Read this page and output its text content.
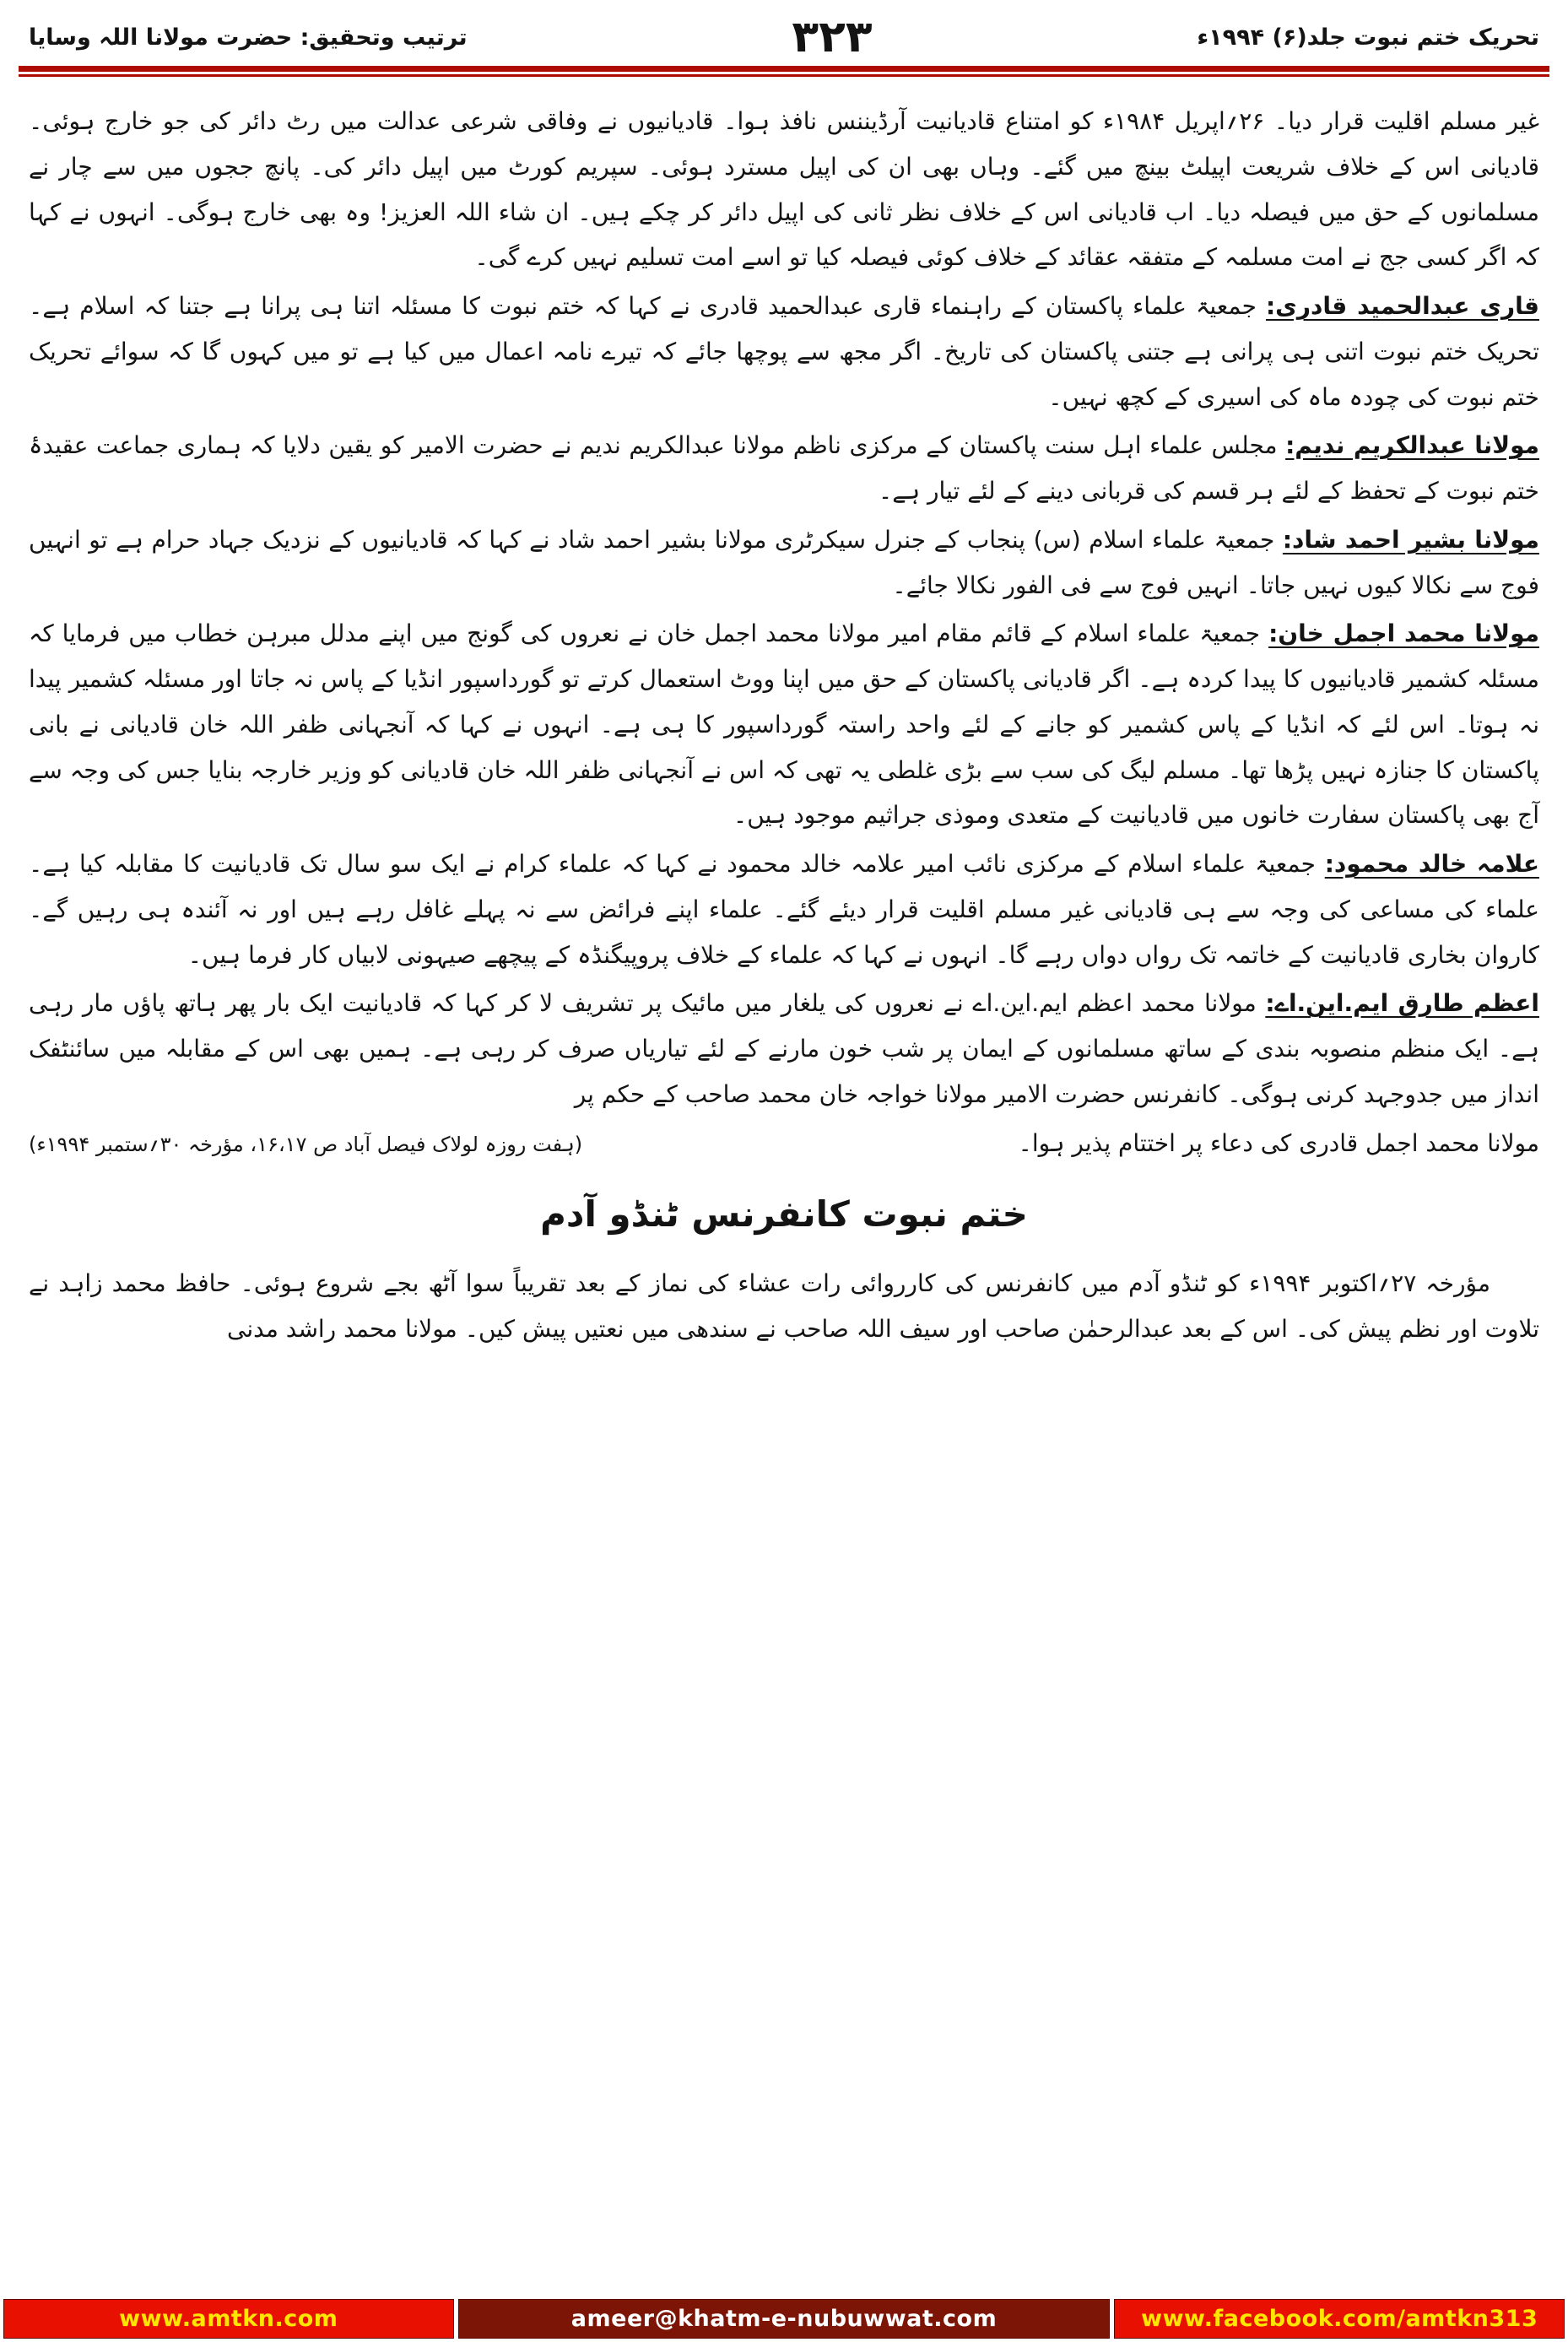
تحریک ختم نبوت جلد(۶) ۱۹۹۴ء
۳۲۳
ترتیب وتحقیق: حضرت مولانا اللہ وسایا

غیر مسلم اقلیت قرار دیا۔ ۲۶؍اپریل ۱۹۸۴ء کو امتناع قادیانیت آرڈیننس نافذ ہوا۔ قادیانیوں نے وفاقی شرعی عدالت میں رٹ دائر کی جو خارج ہوئی۔ قادیانی اس کے خلاف شریعت اپیلٹ بینچ میں گئے۔ وہاں بھی ان کی اپیل مسترد ہوئی۔ سپریم کورٹ میں اپیل دائر کی۔ پانچ ججوں میں سے چار نے مسلمانوں کے حق میں فیصلہ دیا۔ اب قادیانی اس کے خلاف نظر ثانی کی اپیل دائر کر چکے ہیں۔ ان شاء اللہ العزیز! وہ بھی خارج ہوگی۔ انہوں نے کہا کہ اگر کسی جج نے امت مسلمہ کے متفقہ عقائد کے خلاف کوئی فیصلہ کیا تو اسے امت تسلیم نہیں کرے گی۔

قاری عبدالحمید قادری: جمعیۃ علماء پاکستان کے راہنماء قاری عبدالحمید قادری نے کہا کہ ختم نبوت کا مسئلہ اتنا ہی پرانا ہے جتنا کہ اسلام ہے۔ تحریک ختم نبوت اتنی ہی پرانی ہے جتنی پاکستان کی تاریخ۔ اگر مجھ سے پوچھا جائے کہ تیرے نامہ اعمال میں کیا ہے تو میں کہوں گا کہ سوائے تحریک ختم نبوت کی چودہ ماہ کی اسیری کے کچھ نہیں۔

مولانا عبدالکریم ندیم: مجلس علماء اہل سنت پاکستان کے مرکزی ناظم مولانا عبدالکریم ندیم نے حضرت الامیر کو یقین دلایا کہ ہماری جماعت عقیدۂ ختم نبوت کے تحفظ کے لئے ہر قسم کی قربانی دینے کے لئے تیار ہے۔

مولانا بشیر احمد شاد: جمعیۃ علماء اسلام (س) پنجاب کے جنرل سیکرٹری مولانا بشیر احمد شاد نے کہا کہ قادیانیوں کے نزدیک جہاد حرام ہے تو انہیں فوج سے نکالا کیوں نہیں جاتا۔ انہیں فوج سے فی الفور نکالا جائے۔

مولانا محمد اجمل خان: جمعیۃ علماء اسلام کے قائم مقام امیر مولانا محمد اجمل خان نے نعروں کی گونج میں اپنے مدلل مبرہن خطاب میں فرمایا کہ مسئلہ کشمیر قادیانیوں کا پیدا کردہ ہے۔ اگر قادیانی پاکستان کے حق میں اپنا ووٹ استعمال کرتے تو گورداسپور انڈیا کے پاس نہ جاتا اور مسئلہ کشمیر پیدا نہ ہوتا۔ اس لئے کہ انڈیا کے پاس کشمیر کو جانے کے لئے واحد راستہ گورداسپور کا ہی ہے۔ انہوں نے کہا کہ آنجہانی ظفر اللہ خان قادیانی نے بانی پاکستان کا جنازہ نہیں پڑھا تھا۔ مسلم لیگ کی سب سے بڑی غلطی یہ تھی کہ اس نے آنجہانی ظفر اللہ خان قادیانی کو وزیر خارجہ بنایا جس کی وجہ سے آج بھی پاکستان سفارت خانوں میں قادیانیت کے متعدی وموذی جراثیم موجود ہیں۔

علامہ خالد محمود: جمعیۃ علماء اسلام کے مرکزی نائب امیر علامہ خالد محمود نے کہا کہ علماء کرام نے ایک سو سال تک قادیانیت کا مقابلہ کیا ہے۔ علماء کی مساعی کی وجہ سے ہی قادیانی غیر مسلم اقلیت قرار دیئے گئے۔ علماء اپنے فرائض سے نہ پہلے غافل رہے ہیں اور نہ آئندہ ہی رہیں گے۔ کاروان بخاری قادیانیت کے خاتمہ تک رواں دواں رہے گا۔ انہوں نے کہا کہ علماء کے خلاف پروپیگنڈہ کے پیچھے صیہونی لابیاں کار فرما ہیں۔

اعظم طارق ایم.این.اے: مولانا محمد اعظم ایم.این.اے نے نعروں کی یلغار میں مائیک پر تشریف لا کر کہا کہ قادیانیت ایک بار پھر ہاتھ پاؤں مار رہی ہے۔ ایک منظم منصوبہ بندی کے ساتھ مسلمانوں کے ایمان پر شب خون مارنے کے لئے تیاریاں صرف کر رہی ہے۔ ہمیں بھی اس کے مقابلہ میں سائنٹفک انداز میں جدوجہد کرنی ہوگی۔ کانفرنس حضرت الامیر مولانا خواجہ خان محمد صاحب کے حکم پر

مولانا محمد اجمل قادری کی دعاء پر اختتام پذیر ہوا۔
(ہفت روزہ لولاک فیصل آباد ص ۱۶،۱۷، مؤرخہ ۳۰؍ستمبر ۱۹۹۴ء)
ختم نبوت کانفرنس ٹنڈو آدم

مؤرخہ ۲۷؍اکتوبر ۱۹۹۴ء کو ٹنڈو آدم میں کانفرنس کی کارروائی رات عشاء کی نماز کے بعد تقریباً سوا آٹھ بجے شروع ہوئی۔ حافظ محمد زاہد نے تلاوت اور نظم پیش کی۔ اس کے بعد عبدالرحمٰن صاحب اور سیف اللہ صاحب نے سندھی میں نعتیں پیش کیں۔ مولانا محمد راشد مدنی

www.amtkn.com	ameer@khatm-e-nubuwwat.com	www.facebook.com/amtkn313
